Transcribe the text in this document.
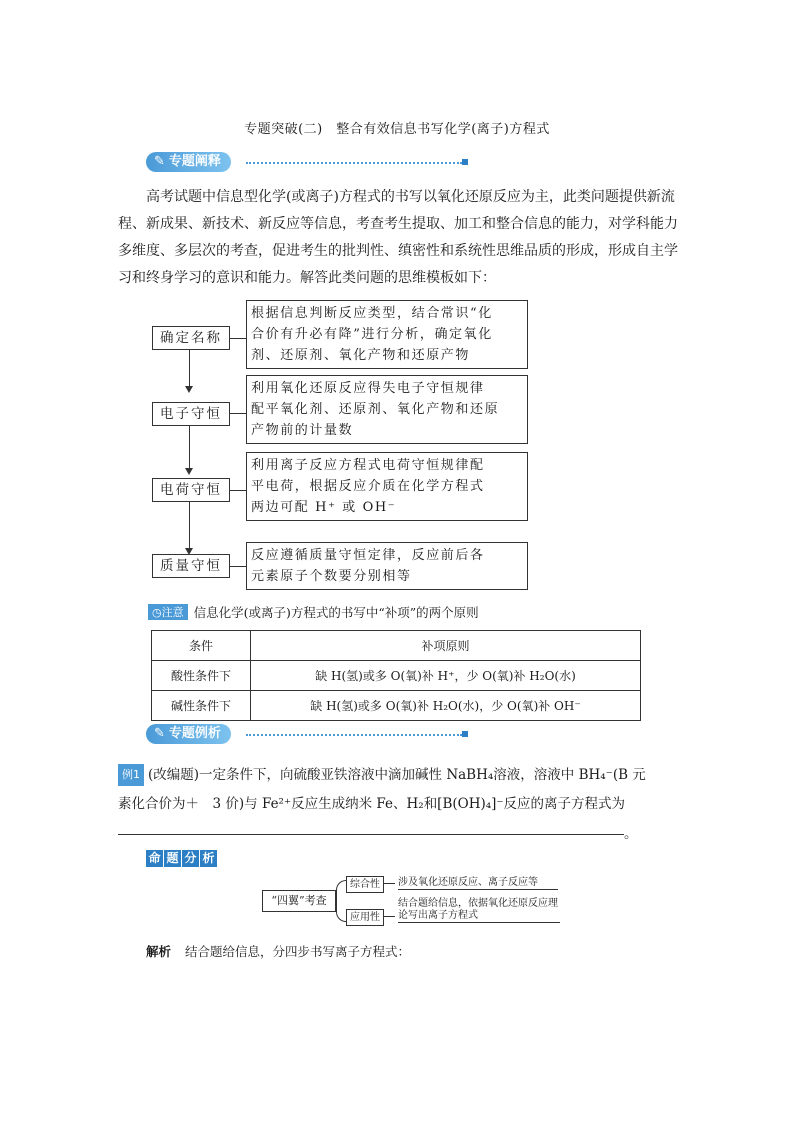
专题突破(二)　整合有效信息书写化学(离子)方程式
✎ 专题阐释
高考试题中信息型化学(或离子)方程式的书写以氧化还原反应为主，此类问题提供新流
程、新成果、新技术、新反应等信息，考查考生提取、加工和整合信息的能力，对学科能力
多维度、多层次的考查，促进考生的批判性、缜密性和系统性思维品质的形成，形成自主学
习和终身学习的意识和能力。解答此类问题的思维模板如下：
确定名称
根据信息判断反应类型，结合常识“化
合价有升必有降”进行分析，确定氧化
剂、还原剂、氧化产物和还原产物
电子守恒
利用氧化还原反应得失电子守恒规律
配平氧化剂、还原剂、氧化产物和还原
产物前的计量数
电荷守恒
利用离子反应方程式电荷守恒规律配
平电荷，根据反应介质在化学方程式
两边可配 H⁺ 或 OH⁻
质量守恒
反应遵循质量守恒定律，反应前后各
元素原子个数要分别相等
◷注意 信息化学(或离子)方程式的书写中“补项”的两个原则
条件	补项原则
酸性条件下	缺 H(氢)或多 O(氧)补 H⁺，少 O(氧)补 H₂O(水)
碱性条件下	缺 H(氢)或多 O(氧)补 H₂O(水)，少 O(氧)补 OH⁻
✎ 专题例析
例1 (改编题)一定条件下，向硫酸亚铁溶液中滴加碱性 NaBH₄溶液，溶液中 BH₄⁻(B 元
素化合价为＋　3 价)与 Fe²⁺反应生成纳米 Fe、H₂和[B(OH)₄]⁻反应的离子方程式为
。
命 题 分 析
“四翼”考查
综合性	涉及氧化还原反应、离子反应等
应用性
结合题给信息，依据氧化还原反应理论写出离子方程式
解析 结合题给信息，分四步书写离子方程式：
